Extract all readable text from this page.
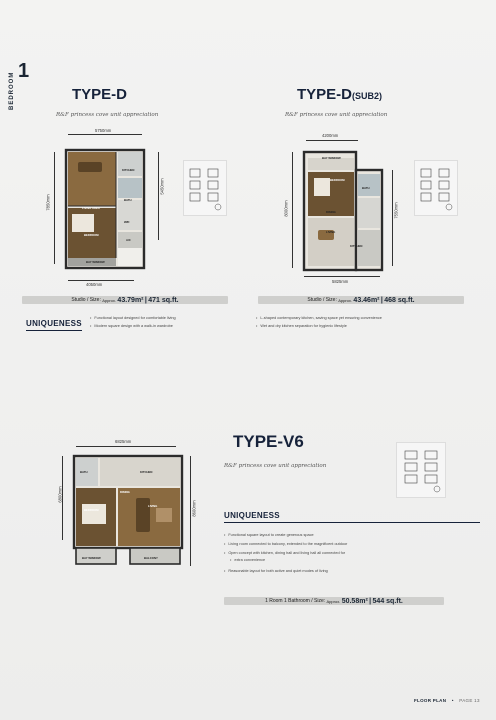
1
BEDROOM	TYPE-D
R&F princess cove unit appreciation
5750mm
7850mm
5450mm
4050mm
LIVING AREA
BEDROOM
KITCHEN
BATH
W/D
BAY WINDOW
A/C
Studio / Size:
Approx.
43.79m²
|
471 sq.ft.
UNIQUENESS
• Functional layout designed for comfortable living
• Modern square design with a walk-in wardrobe
TYPE-D(SUB2)
R&F princess cove unit appreciation
4200mm
8000mm	7550mm
5825mm
BEDROOM
LIVING
KITCHEN
BATH
DINING
BAY WINDOW
Studio / Size:
Approx.
43.46m²
|
468 sq.ft.
• L-shaped contemporary kitchen, saving space yet ensuring convenience
• Wet and dry kitchen separation for hygienic lifestyle
TYPE-V6
R&F princess cove unit appreciation
6825mm
6800mm
8600mm
BEDROOM
LIVING
DINING
KITCHEN
BATH
BALCONY
BAY WINDOW
UNIQUENESS
• Functional square layout to create generous space
• Living room connected to balcony, extended to the magnificent outdoor
• Open concept with kitchen, dining hall and living hall all connected for
• extra convenience
• Reasonable layout for both active and quiet modes of living
1 Room 1 Bathroom / Size:
Approx.
50.58m²
|
544 sq.ft.
FLOOR PLAN • PAGE 13
